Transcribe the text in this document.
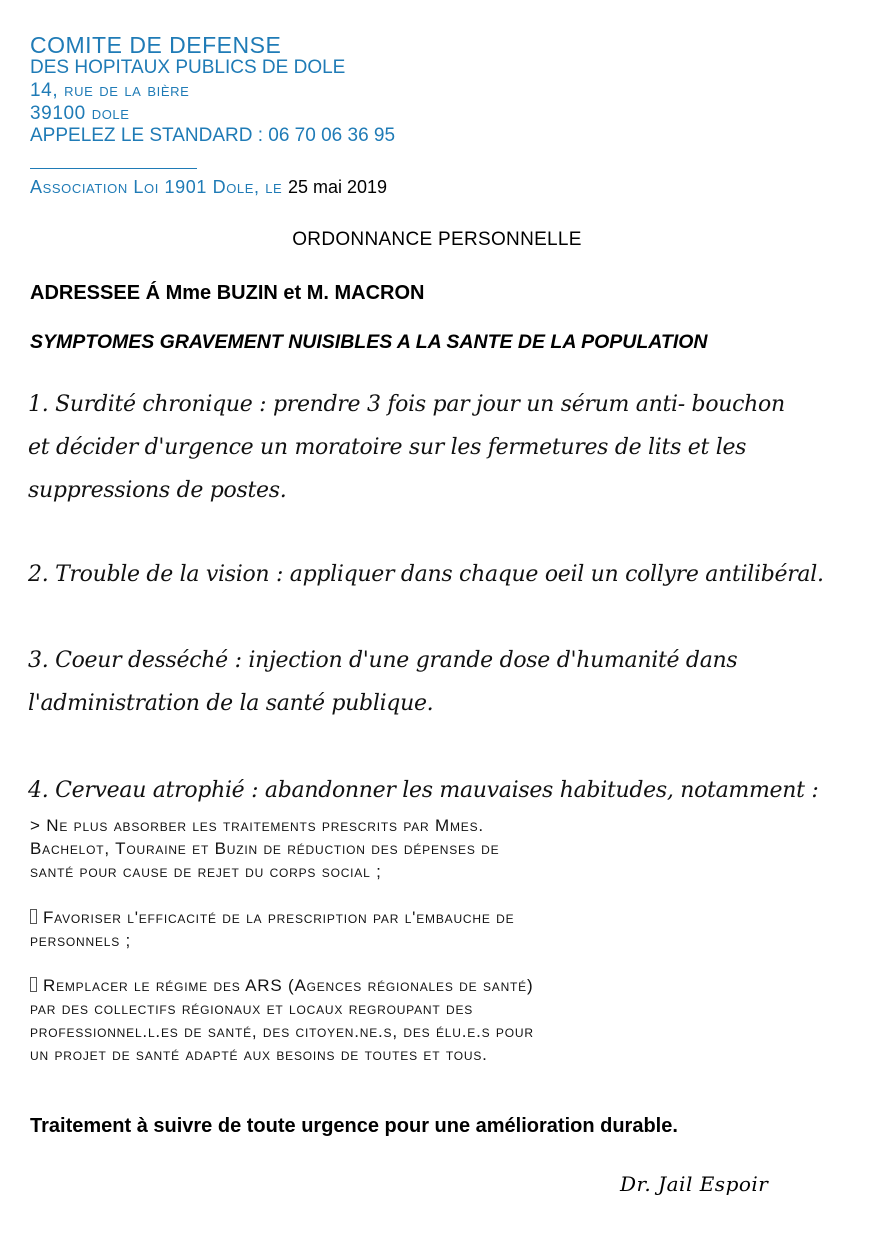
COMITE DE DEFENSE
DES HOPITAUX PUBLICS DE DOLE
14, rue de la bière
39100 dole
APPELEZ LE STANDARD : 06 70 06 36 95
Association Loi 1901 Dole, le 25 mai 2019
ORDONNANCE PERSONNELLE
ADRESSEE Á Mme BUZIN et M. MACRON
SYMPTOMES GRAVEMENT NUISIBLES A LA SANTE DE LA POPULATION
1. Surdité chronique : prendre 3 fois par jour un sérum anti- bouchon
et décider d'urgence un moratoire sur les fermetures de lits et les
suppressions de postes.
2. Trouble de la vision : appliquer dans chaque oeil un collyre antilibéral.
3. Coeur desséché : injection d'une grande dose d'humanité dans
l'administration de la santé publique.
4. Cerveau atrophié : abandonner les mauvaises habitudes, notamment :
> Ne plus absorber les traitements prescrits par Mmes.
Bachelot, Touraine et Buzin de réduction des dépenses de
santé pour cause de rejet du corps social ;
Favoriser l'efficacité de la prescription par l'embauche de
personnels ;
Remplacer le régime des ARS (Agences régionales de santé)
par des collectifs régionaux et locaux regroupant des
professionnel.l.es de santé, des citoyen.ne.s, des élu.e.s pour
un projet de santé adapté aux besoins de toutes et tous.
Traitement à suivre de toute urgence pour une amélioration durable.
Dr. Jail Espoir
